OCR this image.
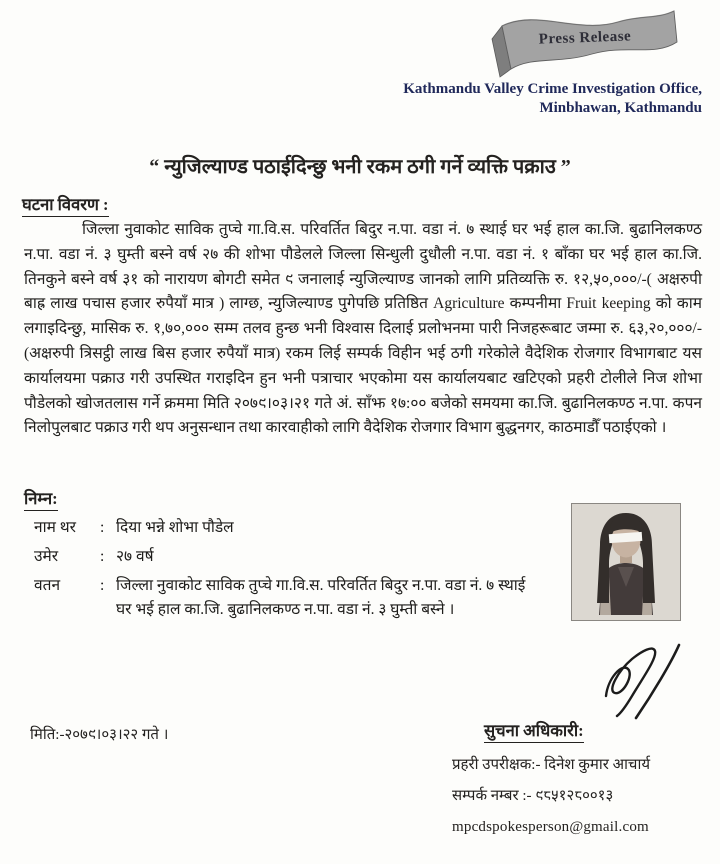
Press Release
Kathmandu Valley Crime Investigation Office,
Minbhawan, Kathmandu
“ न्युजिल्याण्ड पठाईदिन्छु भनी रकम ठगी गर्ने व्यक्ति पक्राउ ”
घटना विवरण :

जिल्ला नुवाकोट साविक तुप्चे गा.वि.स. परिवर्तित बिदुर न.पा. वडा नं. ७ स्थाई घर भई हाल का.जि. बुढानिलकण्ठ न.पा. वडा नं. ३ घुम्ती बस्ने वर्ष २७ की शोभा पौडेलले जिल्ला सिन्धुली दुधौली न.पा. वडा नं. १ बाँका घर भई हाल का.जि. तिनकुने बस्ने वर्ष ३१ को नारायण बोगटी समेत ९ जनालाई न्युजिल्याण्ड जानको लागि प्रतिव्यक्ति रु. १२,५०,०००/-( अक्षरुपी बाह्र लाख पचास हजार रुपैयाँ मात्र ) लाग्छ, न्युजिल्याण्ड पुगेपछि प्रतिष्ठित Agriculture कम्पनीमा Fruit keeping को काम लगाइदिन्छु, मासिक रु. १,७०,००० सम्म तलव हुन्छ भनी विश्वास दिलाई प्रलोभनमा पारी निजहरूबाट जम्मा रु. ६३,२०,०००/- (अक्षरुपी त्रिसट्ठी लाख बिस हजार रुपैयाँ मात्र) रकम लिई सम्पर्क विहीन भई ठगी गरेकोले वैदेशिक रोजगार विभागबाट यस कार्यालयमा पक्राउ गरी उपस्थित गराइदिन हुन भनी पत्राचार भएकोमा यस कार्यालयबाट खटिएको प्रहरी टोलीले निज शोभा पौडेलको खोजतलास गर्ने क्रममा मिति २०७९।०३।२१ गते अं. साँझ १७:०० बजेको समयमा का.जि. बुढानिलकण्ठ न.पा. कपन निलोपुलबाट पक्राउ गरी थप अनुसन्धान तथा कारवाहीको लागि वैदेशिक रोजगार विभाग बुद्धनगर, काठमाडौँ पठाईएको ।

निम्न:
नाम थर	: दिया भन्ने शोभा पौडेल
उमेर	: २७ वर्ष
वतन	: जिल्ला नुवाकोट साविक तुप्चे गा.वि.स. परिवर्तित बिदुर न.पा. वडा नं. ७ स्थाई घर भई हाल का.जि. बुढानिलकण्ठ न.पा. वडा नं. ३ घुम्ती बस्ने ।
मिति:-२०७९।०३।२२ गते ।	सुचना अधिकारी:
प्रहरी उपरीक्षक:- दिनेश कुमार आचार्य
सम्पर्क नम्बर :- ९८५१२८००१३
mpcdspokesperson@gmail.com
